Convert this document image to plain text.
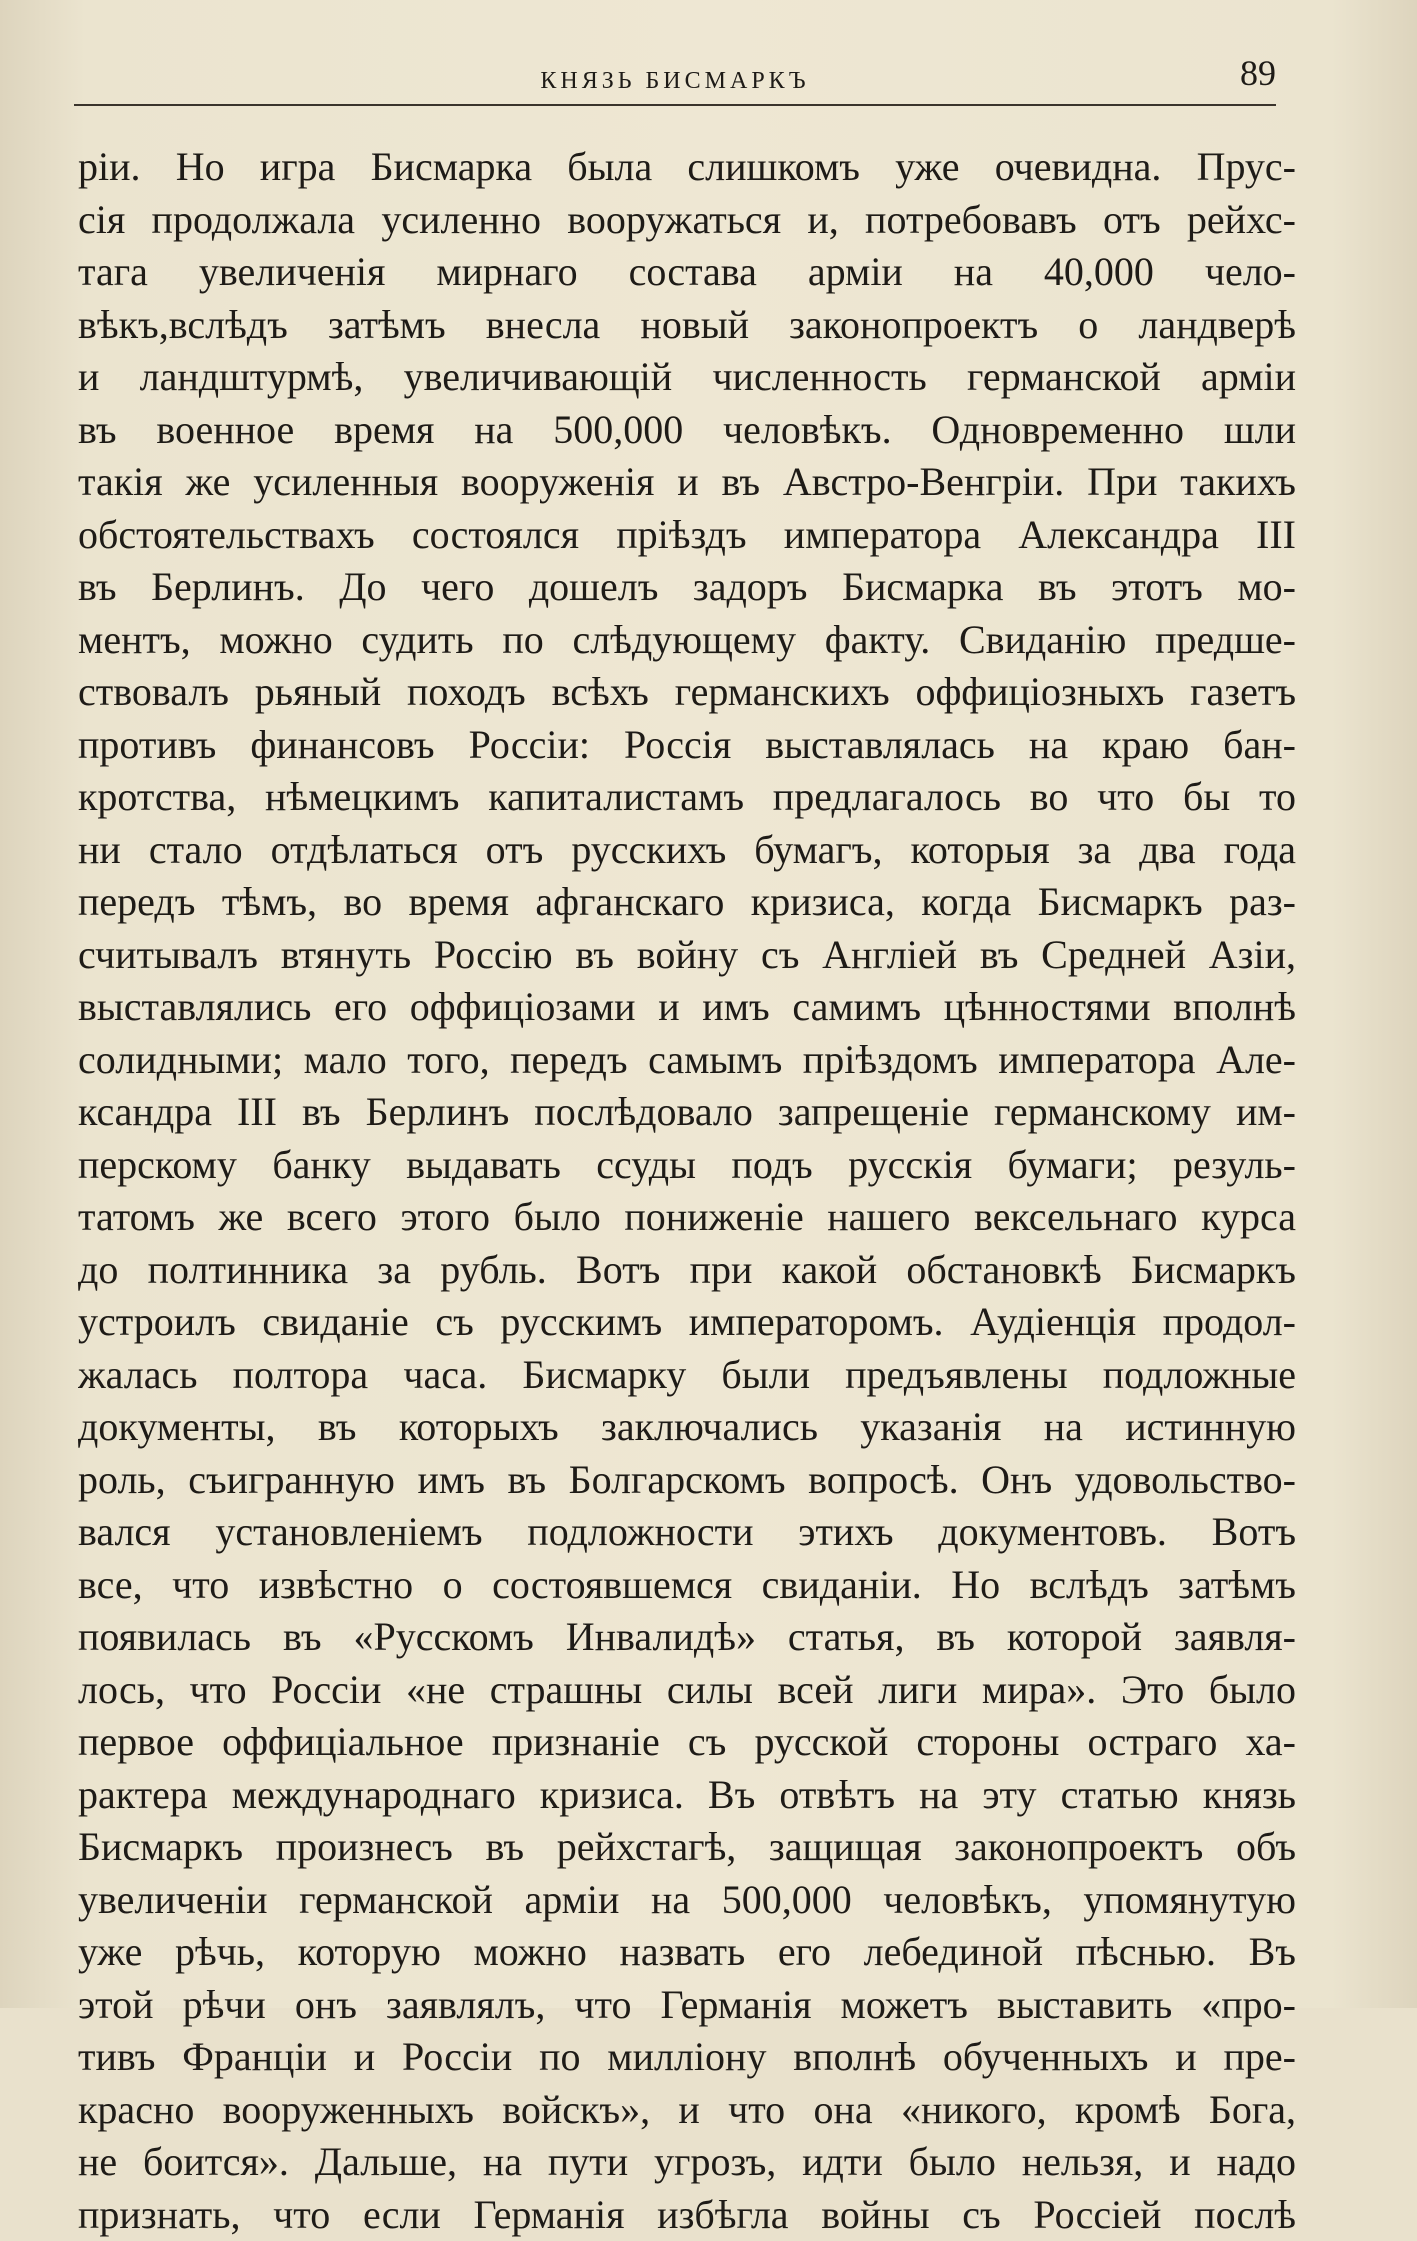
КНЯЗЬ БИСМАРКЪ	89
ріи. Но игра Бисмарка была слишкомъ уже очевидна. Прус-
сія продолжала усиленно вооружаться и, потребовавъ отъ рейхс-
тага увеличенія мирнаго состава арміи на 40,000 чело-
вѣкъ,вслѣдъ затѣмъ внесла новый законопроектъ о ландверѣ
и ландштурмѣ, увеличивающій численность германской арміи
въ военное время на 500,000 человѣкъ. Одновременно шли
такія же усиленныя вооруженія и въ Австро-Венгріи. При такихъ
обстоятельствахъ состоялся пріѣздъ императора Александра III
въ Берлинъ. До чего дошелъ задоръ Бисмарка въ этотъ мо-
ментъ, можно судить по слѣдующему факту. Свиданію предше-
ствовалъ рьяный походъ всѣхъ германскихъ оффиціозныхъ газетъ
противъ финансовъ Россіи: Россія выставлялась на краю бан-
кротства, нѣмецкимъ капиталистамъ предлагалось во что бы то
ни стало отдѣлаться отъ русскихъ бумагъ, которыя за два года
передъ тѣмъ, во время афганскаго кризиса, когда Бисмаркъ раз-
считывалъ втянуть Россію въ войну съ Англіей въ Средней Азіи,
выставлялись его оффиціозами и имъ самимъ цѣнностями вполнѣ
солидными; мало того, передъ самымъ пріѣздомъ императора Але-
ксандра III въ Берлинъ послѣдовало запрещеніе германскому им-
перскому банку выдавать ссуды подъ русскія бумаги; резуль-
татомъ же всего этого было пониженіе нашего вексельнаго курса
до полтинника за рубль. Вотъ при какой обстановкѣ Бисмаркъ
устроилъ свиданіе съ русскимъ императоромъ. Аудіенція продол-
жалась полтора часа. Бисмарку были предъявлены подложные
документы, въ которыхъ заключались указанія на истинную
роль, съигранную имъ въ Болгарскомъ вопросѣ. Онъ удовольство-
вался установленіемъ подложности этихъ документовъ. Вотъ
все, что извѣстно о состоявшемся свиданіи. Но вслѣдъ затѣмъ
появилась въ «Русскомъ Инвалидѣ» статья, въ которой заявля-
лось, что Россіи «не страшны силы всей лиги мира». Это было
первое оффиціальное признаніе съ русской стороны остраго ха-
рактера международнаго кризиса. Въ отвѣтъ на эту статью князь
Бисмаркъ произнесъ въ рейхстагѣ, защищая законопроектъ объ
увеличеніи германской арміи на 500,000 человѣкъ, упомянутую
уже рѣчь, которую можно назвать его лебединой пѣснью. Въ
этой рѣчи онъ заявлялъ, что Германія можетъ выставить «про-
тивъ Франціи и Россіи по милліону вполнѣ обученныхъ и пре-
красно вооруженныхъ войскъ», и что она «никого, кромѣ Бога,
не боится». Дальше, на пути угрозъ, идти было нельзя, и надо
признать, что если Германія избѣгла войны съ Россіей послѣ
